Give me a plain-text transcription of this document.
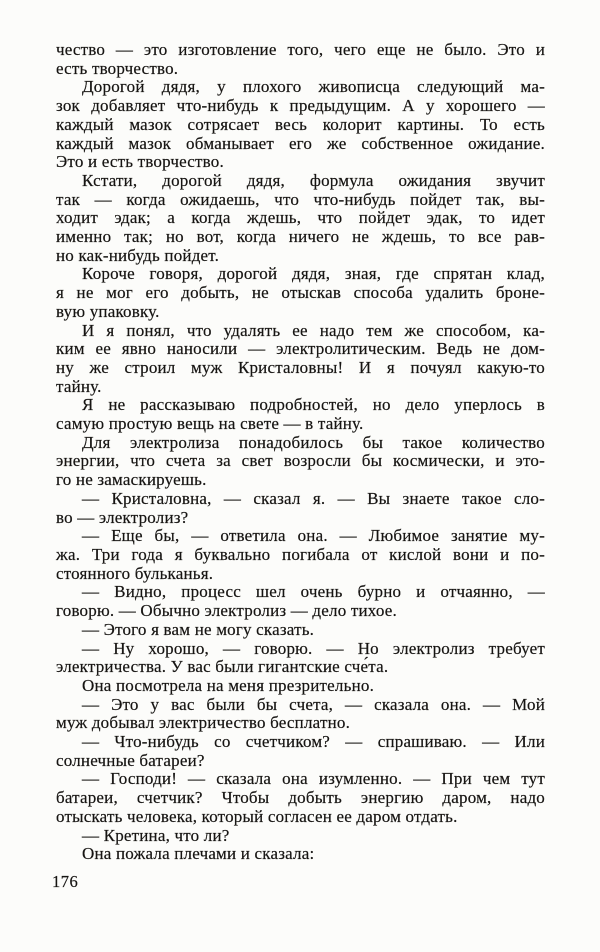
чество — это изготовление того, чего еще не было. Это и
есть творчество.
Дорогой дядя, у плохого живописца следующий ма-
зок добавляет что-нибудь к предыдущим. А у хорошего —
каждый мазок сотрясает весь колорит картины. То есть
каждый мазок обманывает его же собственное ожидание.
Это и есть творчество.
Кстати, дорогой дядя, формула ожидания звучит
так — когда ожидаешь, что что-нибудь пойдет так, вы-
ходит эдак; а когда ждешь, что пойдет эдак, то идет
именно так; но вот, когда ничего не ждешь, то все рав-
но как-нибудь пойдет.
Короче говоря, дорогой дядя, зная, где спрятан клад,
я не мог его добыть, не отыскав способа удалить броне-
вую упаковку.
И я понял, что удалять ее надо тем же способом, ка-
ким ее явно наносили — электролитическим. Ведь не дом-
ну же строил муж Кристаловны! И я почуял какую-то
тайну.
Я не рассказываю подробностей, но дело уперлось в
самую простую вещь на свете — в тайну.
Для электролиза понадобилось бы такое количество
энергии, что счета за свет возросли бы космически, и это-
го не замаскируешь.
— Кристаловна, — сказал я. — Вы знаете такое сло-
во — электролиз?
— Еще бы, — ответила она. — Любимое занятие му-
жа. Три года я буквально погибала от кислой вони и по-
стоянного бульканья.
— Видно, процесс шел очень бурно и отчаянно, —
говорю. — Обычно электролиз — дело тихое.
— Этого я вам не могу сказать.
— Ну хорошо, — говорю. — Но электролиз требует
электричества. У вас были гигантские сче́та.
Она посмотрела на меня презрительно.
— Это у вас были бы счета, — сказала она. — Мой
муж добывал электричество бесплатно.
— Что-нибудь со счетчиком? — спрашиваю. — Или
солнечные батареи?
— Господи! — сказала она изумленно. — При чем тут
батареи, счетчик? Чтобы добыть энергию даром, надо
отыскать человека, который согласен ее даром отдать.
— Кретина, что ли?
Она пожала плечами и сказала:
176
